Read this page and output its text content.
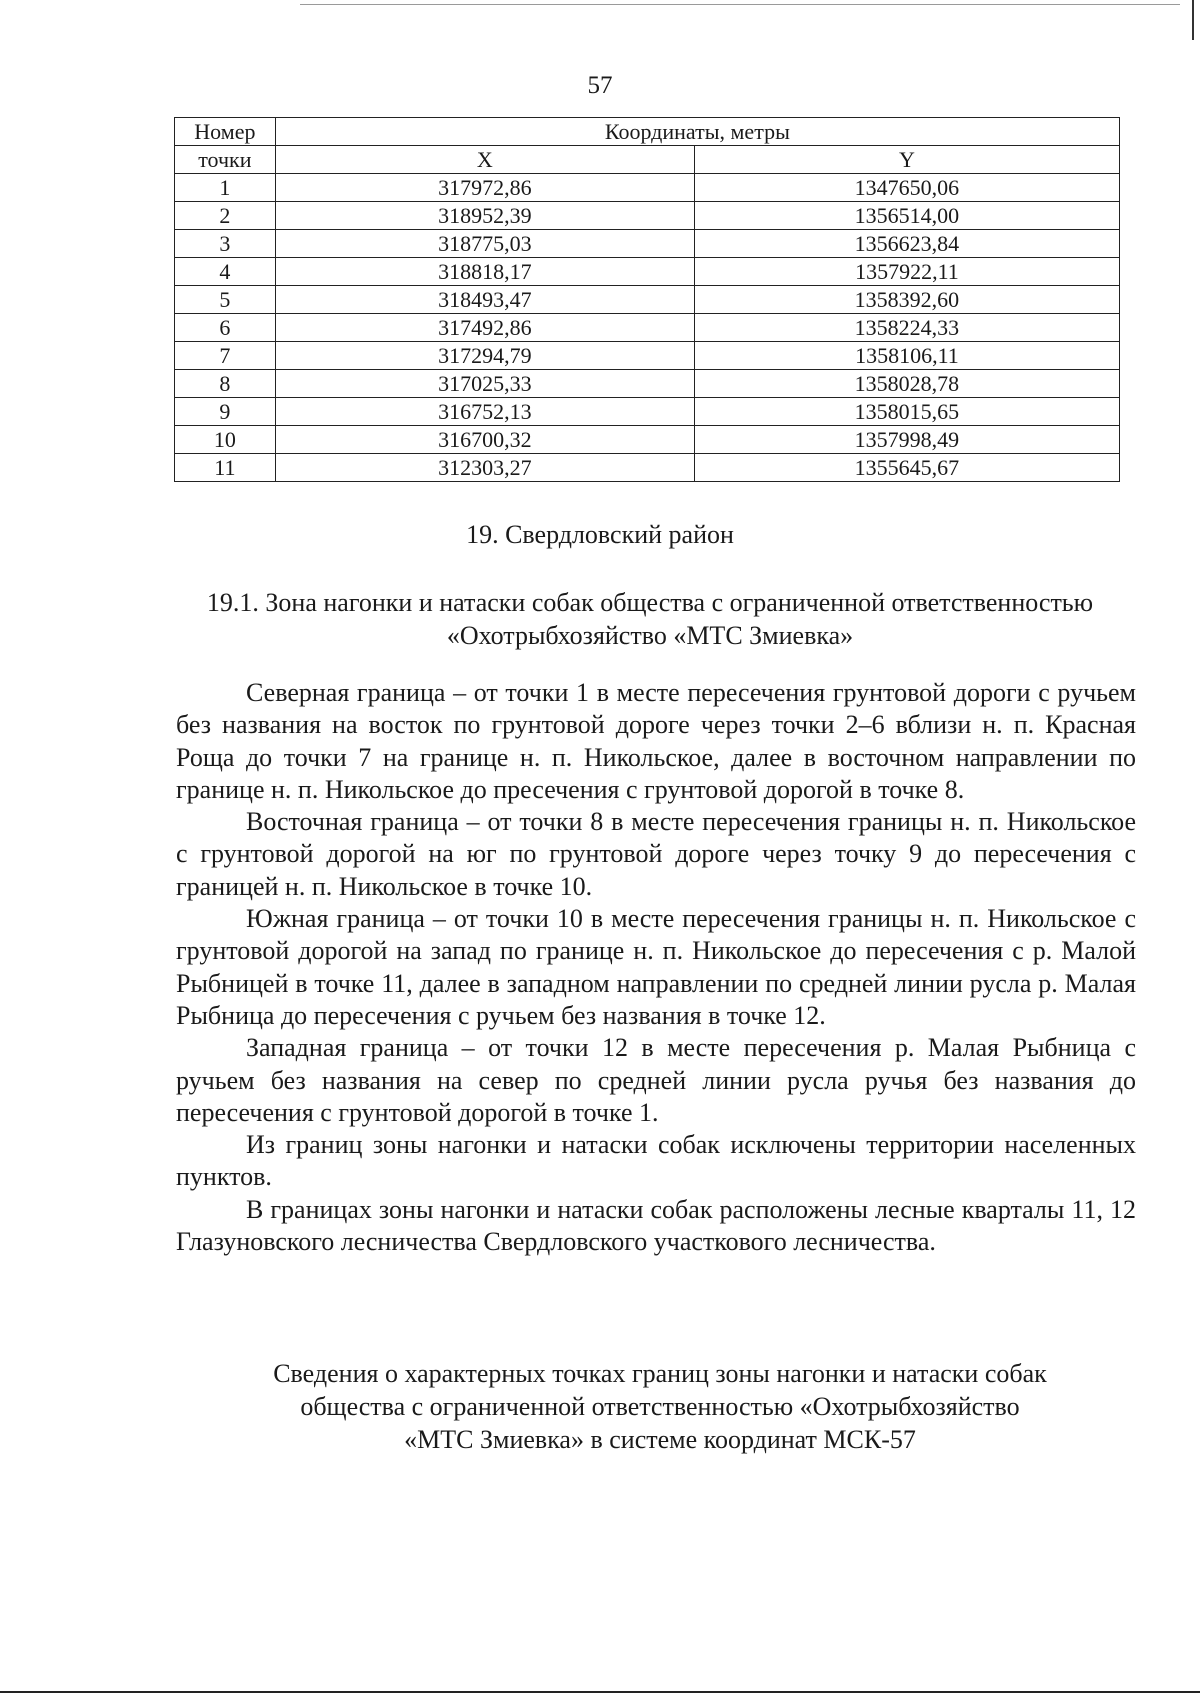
57
Номер	Координаты, метры	
точки	X	Y
1	317972,86	1347650,06
2	318952,39	1356514,00
3	318775,03	1356623,84
4	318818,17	1357922,11
5	318493,47	1358392,60
6	317492,86	1358224,33
7	317294,79	1358106,11
8	317025,33	1358028,78
9	316752,13	1358015,65
10	316700,32	1357998,49
11	312303,27	1355645,67
19. Свердловский район
19.1. Зона нагонки и натаски собак общества с ограниченной ответственностью
«Охотрыбхозяйство «МТС Змиевка»

Северная граница – от точки 1 в месте пересечения грунтовой дороги с ручьем без названия на восток по грунтовой дороге через точки 2–6 вблизи н. п. Красная Роща до точки 7 на границе н. п. Никольское, далее в восточном направлении по границе н. п. Никольское до пресечения с грунтовой дорогой в точке 8.

Восточная граница – от точки 8 в месте пересечения границы н. п. Никольское с грунтовой дорогой на юг по грунтовой дороге через точку 9 до пересечения с границей н. п. Никольское в точке 10.

Южная граница – от точки 10 в месте пересечения границы н. п. Никольское с грунтовой дорогой на запад по границе н. п. Никольское до пересечения с р. Малой Рыбницей в точке 11, далее в западном направлении по средней линии русла р. Малая Рыбница до пересечения с ручьем без названия в точке 12.

Западная граница – от точки 12 в месте пересечения р. Малая Рыбница с ручьем без названия на север по средней линии русла ручья без названия до пересечения с грунтовой дорогой в точке 1.

Из границ зоны нагонки и натаски собак исключены территории населенных пунктов.

В границах зоны нагонки и натаски собак расположены лесные кварталы 11, 12 Глазуновского лесничества Свердловского участкового лесничества.

Сведения о характерных точках границ зоны нагонки и натаски собак
общества с ограниченной ответственностью «Охотрыбхозяйство
«МТС Змиевка» в системе координат МСК-57
